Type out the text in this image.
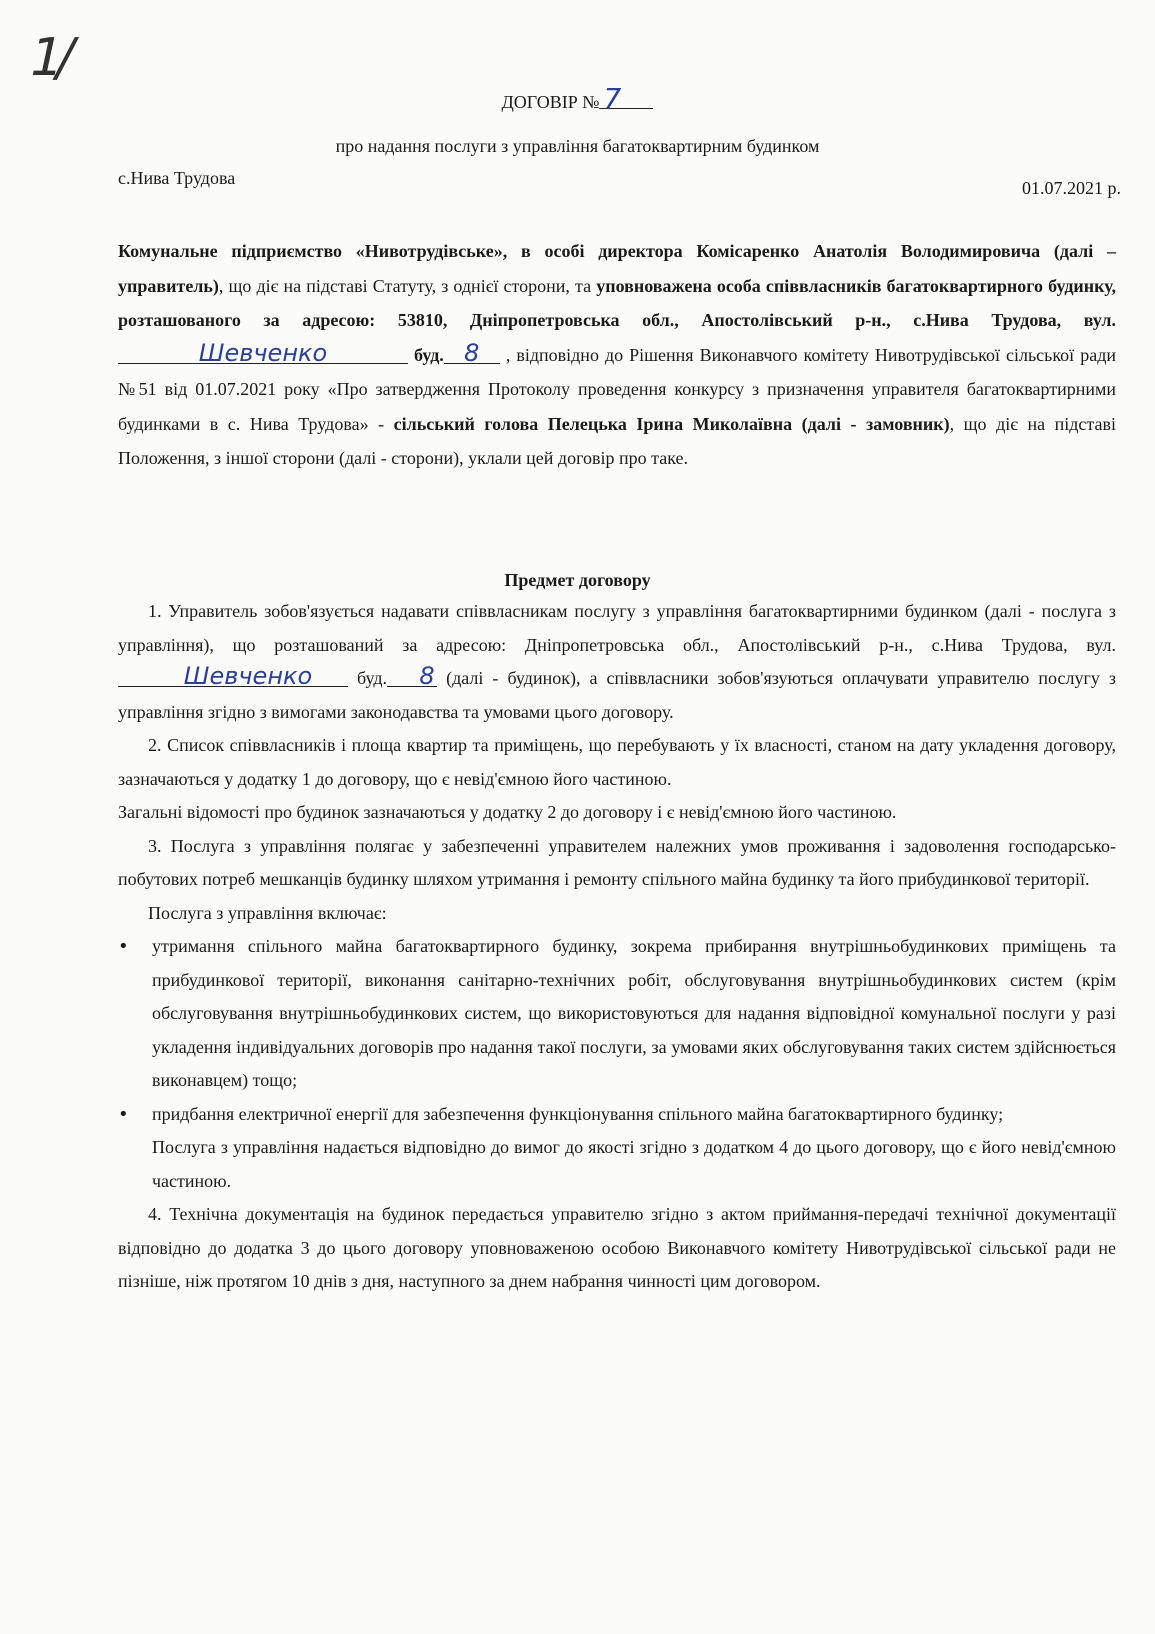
1/
ДОГОВІР № 7
про надання послуги з управління багатоквартирним будинком
с.Нива Трудова	01.07.2021 р.

Комунальне підприємство «Нивотрудівське», в особі директора Комісаренко Анатолія Володимировича (далі – управитель), що діє на підставі Статуту, з однієї сторони, та уповноважена особа співвласників багатоквартирного будинку, розташованого за адресою: 53810, Дніпропетровська обл., Апостолівський р-н., с.Нива Трудова, вул.Шевченко	буд. 8 , відповідно до Рішення Виконавчого комітету Нивотрудівської сільської ради №51 від 01.07.2021 року «Про затвердження Протоколу проведення конкурсу з призначення управителя багатоквартирними будинками в с. Нива Трудова» - сільський голова Пелецька Ірина Миколаївна (далі - замовник), що діє на підставі Положення, з іншої сторони (далі - сторони), уклали цей договір про таке.

Предмет договору

1. Управитель зобов'язується надавати співвласникам послугу з управління багатоквартирними будинком (далі - послуга з управління), що розташований за адресою: Дніпропетровська обл., Апостолівський р-н., с.Нива Трудова, вул.Шевченко буд. 8 (далі - будинок), а співвласники зобов'язуються оплачувати управителю послугу з управління згідно з вимогами законодавства та умовами цього договору.

2. Список співвласників і площа квартир та приміщень, що перебувають у їх власності, станом на дату укладення договору, зазначаються у додатку 1 до договору, що є невід'ємною його частиною.

Загальні відомості про будинок зазначаються у додатку 2 до договору і є невід'ємною його частиною.

3. Послуга з управління полягає у забезпеченні управителем належних умов проживання і задоволення господарсько-побутових потреб мешканців будинку шляхом утримання і ремонту спільного майна будинку та його прибудинкової території.

Послуга з управління включає:

• утримання спільного майна багатоквартирного будинку, зокрема прибирання внутрішньобудинкових приміщень та прибудинкової території, виконання санітарно-технічних робіт, обслуговування внутрішньобудинкових систем (крім обслуговування внутрішньобудинкових систем, що використовуються для надання відповідної комунальної послуги у разі укладення індивідуальних договорів про надання такої послуги, за умовами яких обслуговування таких систем здійснюється виконавцем) тощо;

• придбання електричної енергії для забезпечення функціонування спільного майна багатоквартирного будинку;

Послуга з управління надається відповідно до вимог до якості згідно з додатком 4 до цього договору, що є його невід'ємною частиною.

4. Технічна документація на будинок передається управителю згідно з актом приймання-передачі технічної документації відповідно до додатка 3 до цього договору уповноваженою особою Виконавчого комітету Нивотрудівської сільської ради не пізніше, ніж протягом 10 днів з дня, наступного за днем набрання чинності цим договором.
